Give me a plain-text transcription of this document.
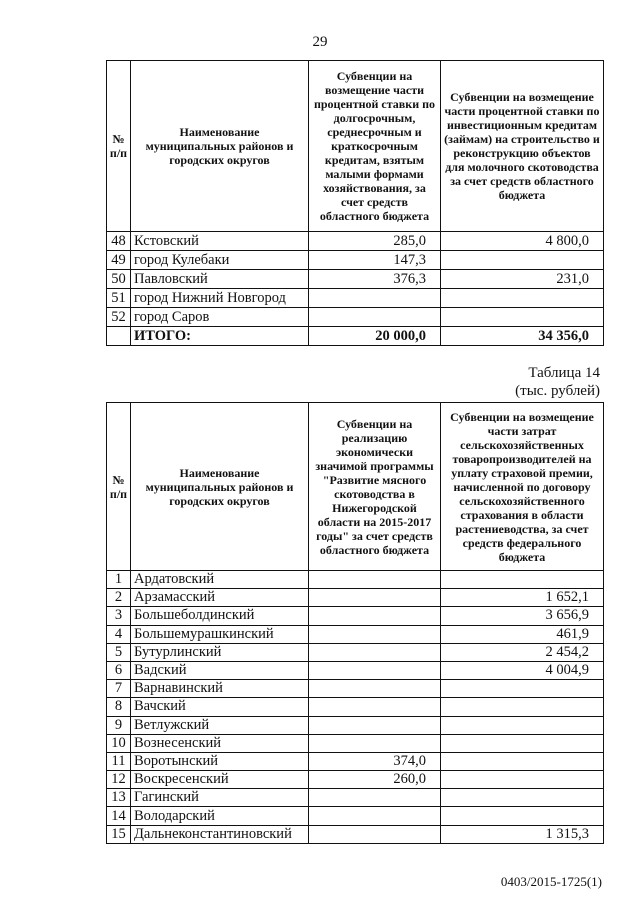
29
№ п/п	Наименование муниципальных районов и городских округов	Субвенции на возмещение части процентной ставки по долгосрочным, среднесрочным и краткосрочным кредитам, взятым малыми формами хозяйствования, за счет средств областного бюджета	Субвенции на возмещение части процентной ставки по инвестиционным кредитам (займам) на строительство и реконструкцию объектов для молочного скотоводства за счет средств областного бюджета
48	Кстовский	285,0	4 800,0
49	город Кулебаки	147,3	
50	Павловский	376,3	231,0
51	город Нижний Новгород		
52	город Саров		
	ИТОГО:	20 000,0	34 356,0
Таблица 14
(тыс. рублей)
№ п/п	Наименование муниципальных районов и городских округов	Субвенции на реализацию экономически значимой программы "Развитие мясного скотоводства в Нижегородской области на 2015-2017 годы" за счет средств областного бюджета	Субвенции на возмещение части затрат сельскохозяйственных товаропроизводителей на уплату страховой премии, начисленной по договору сельскохозяйственного страхования в области растениеводства, за счет средств федерального бюджета
1	Ардатовский		
2	Арзамасский		1 652,1
3	Большеболдинский		3 656,9
4	Большемурашкинский		461,9
5	Бутурлинский		2 454,2
6	Вадский		4 004,9
7	Варнавинский		
8	Вачский		
9	Ветлужский		
10	Вознесенский		
11	Воротынский	374,0	
12	Воскресенский	260,0	
13	Гагинский		
14	Володарский		
15	Дальнеконстантиновский		1 315,3
0403/2015-1725(1)
